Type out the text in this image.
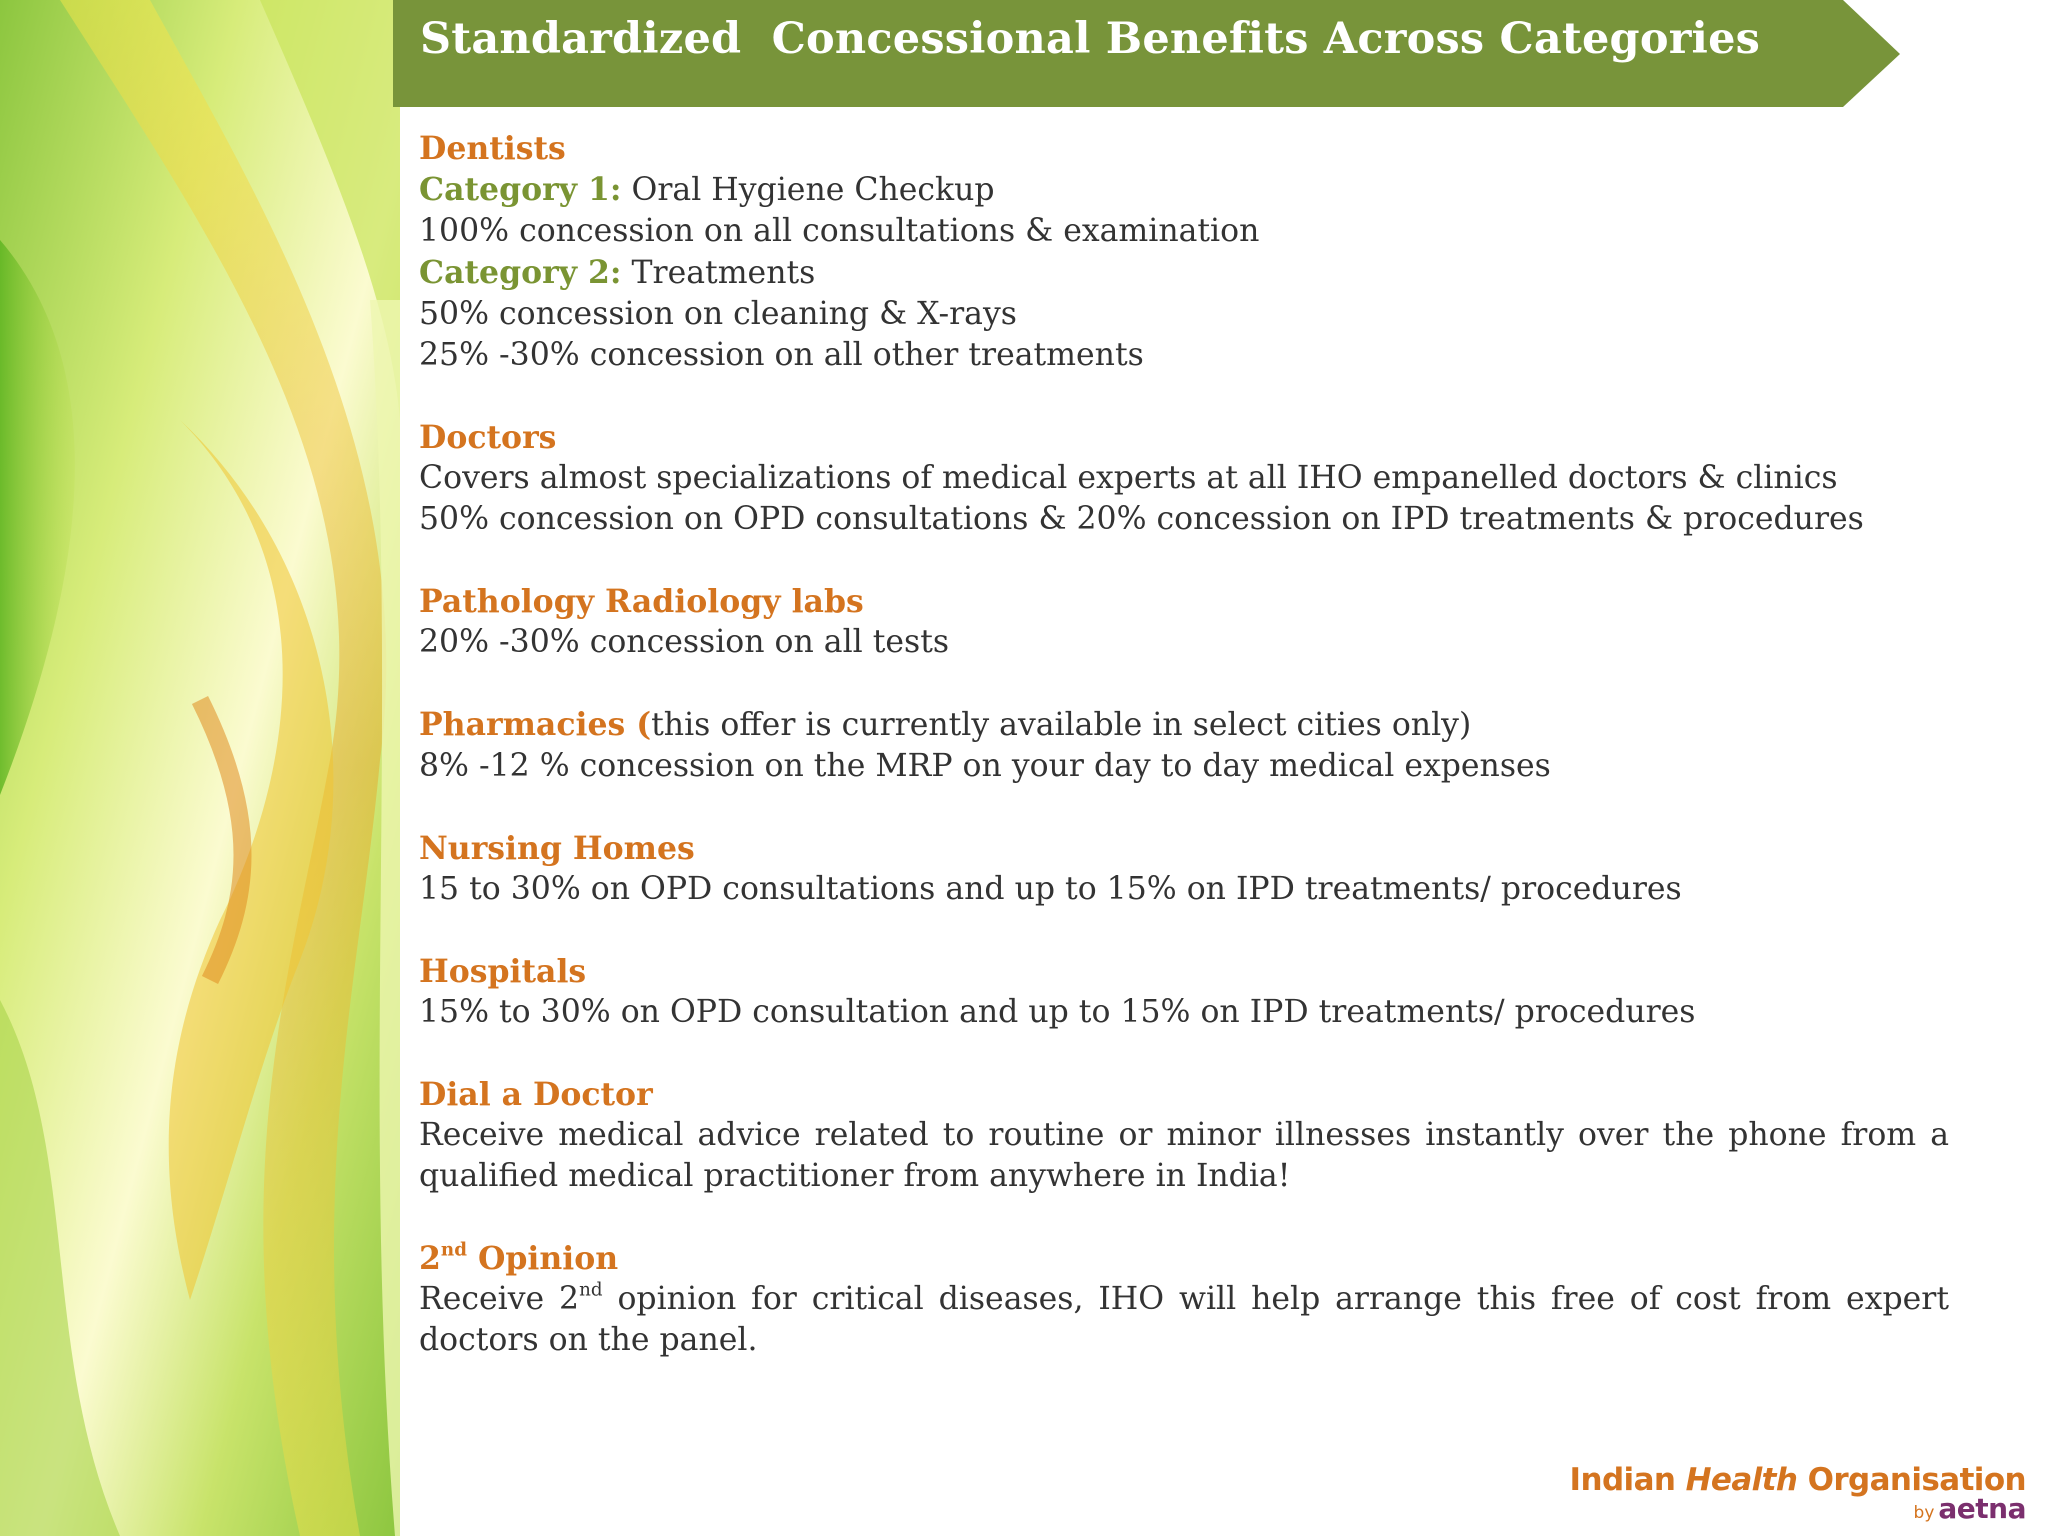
Standardized  Concessional Benefits Across Categories
Dentists
Category 1: Oral Hygiene Checkup
100% concession on all consultations & examination
Category 2: Treatments
50% concession on cleaning & X-rays
25% -30% concession on all other treatments
Doctors
Covers almost specializations of medical experts at all IHO empanelled doctors & clinics
50% concession on OPD consultations & 20% concession on IPD treatments & procedures
Pathology Radiology labs
20% -30% concession on all tests
Pharmacies (this offer is currently available in select cities only)
8% -12 % concession on the MRP on your day to day medical expenses
Nursing Homes
15 to 30% on OPD consultations and up to 15% on IPD treatments/ procedures
Hospitals
15% to 30% on OPD consultation and up to 15% on IPD treatments/ procedures
Dial a Doctor
Receive medical advice related to routine or minor illnesses instantly over the phone from a qualified medical practitioner from anywhere in India!
2nd Opinion
Receive 2nd opinion for critical diseases, IHO will help arrange this free of cost from expert doctors on the panel.
Indian Health Organisation
by aetna
